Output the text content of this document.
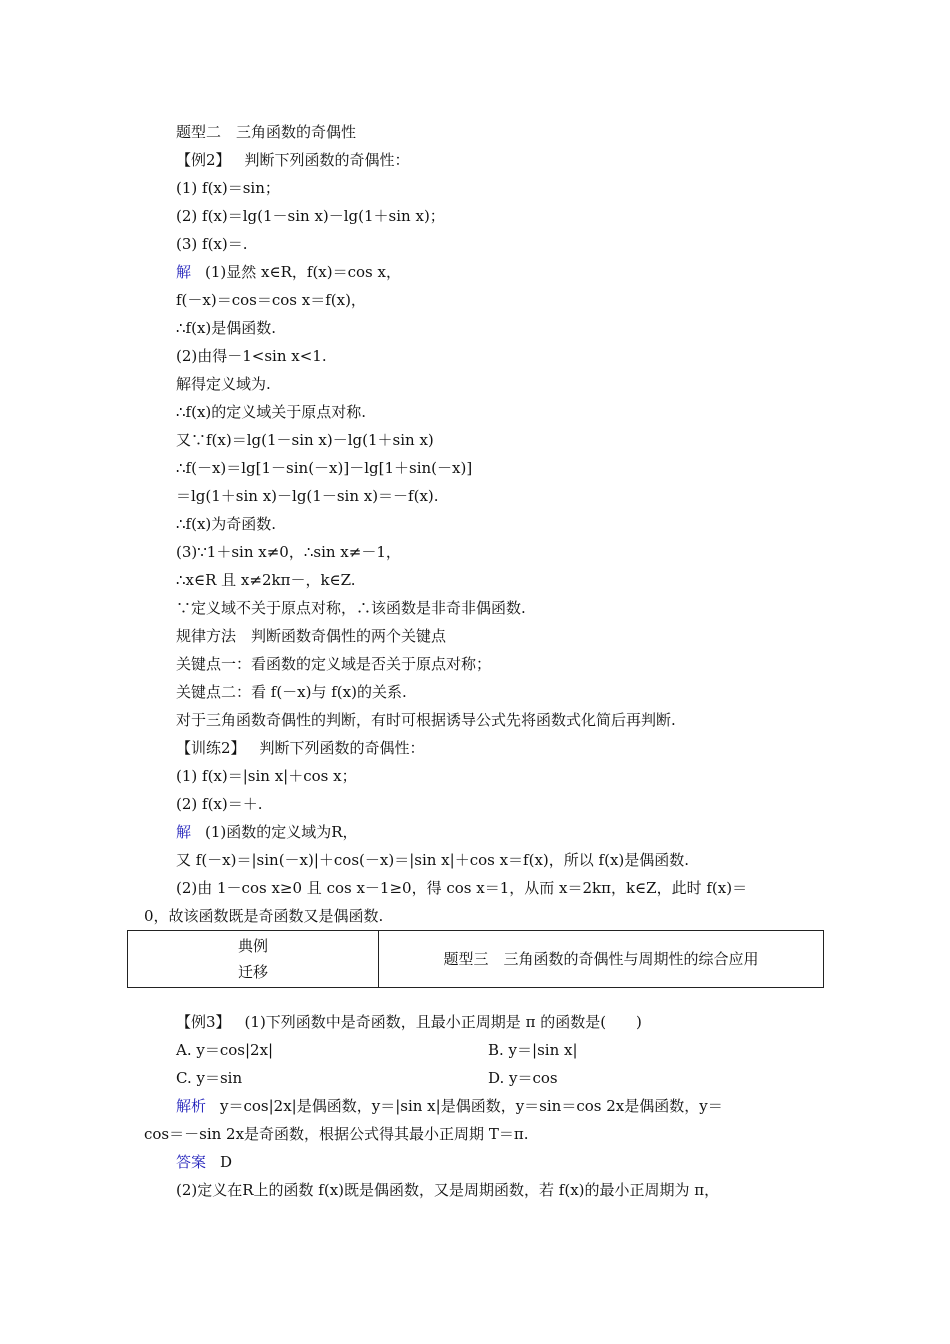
题型二　三角函数的奇偶性
【例2】 判断下列函数的奇偶性：
(1) f(x)＝sin；
(2) f(x)＝lg(1－sin x)－lg(1＋sin x)；
(3) f(x)＝.
解 (1)显然 x∈R，f(x)＝cos x，
f(－x)＝cos＝cos x＝f(x)，
∴f(x)是偶函数.
(2)由得－1<sin x<1.
解得定义域为.
∴f(x)的定义域关于原点对称.
又∵f(x)＝lg(1－sin x)－lg(1＋sin x)
∴f(－x)＝lg[1－sin(－x)]－lg[1＋sin(－x)]
＝lg(1＋sin x)－lg(1－sin x)＝－f(x).
∴f(x)为奇函数.
(3)∵1＋sin x≠0，∴sin x≠－1，
∴x∈R 且 x≠2kπ－，k∈Z.
∵定义域不关于原点对称，∴该函数是非奇非偶函数.
规律方法　判断函数奇偶性的两个关键点
关键点一：看函数的定义域是否关于原点对称；
关键点二：看 f(－x)与 f(x)的关系.
对于三角函数奇偶性的判断，有时可根据诱导公式先将函数式化简后再判断.
【训练2】 判断下列函数的奇偶性：
(1) f(x)＝|sin x|＋cos x；
(2) f(x)＝＋.
解 (1)函数的定义域为R，
又 f(－x)＝|sin(－x)|＋cos(－x)＝|sin x|＋cos x＝f(x)，所以 f(x)是偶函数.
(2)由 1－cos x≥0 且 cos x－1≥0，得 cos x＝1，从而 x＝2kπ，k∈Z，此时 f(x)＝
0，故该函数既是奇函数又是偶函数.
典例
迁移
	题型三　三角函数的奇偶性与周期性的综合应用
【例3】 (1)下列函数中是奇函数，且最小正周期是 π 的函数是(　　)
A. y＝cos|2x|	B. y＝|sin x|
C. y＝sin	D. y＝cos
解析 y＝cos|2x|是偶函数，y＝|sin x|是偶函数，y＝sin＝cos 2x是偶函数，y＝
cos＝－sin 2x是奇函数，根据公式得其最小正周期 T＝π.
答案 D
(2)定义在R上的函数 f(x)既是偶函数，又是周期函数，若 f(x)的最小正周期为 π，
